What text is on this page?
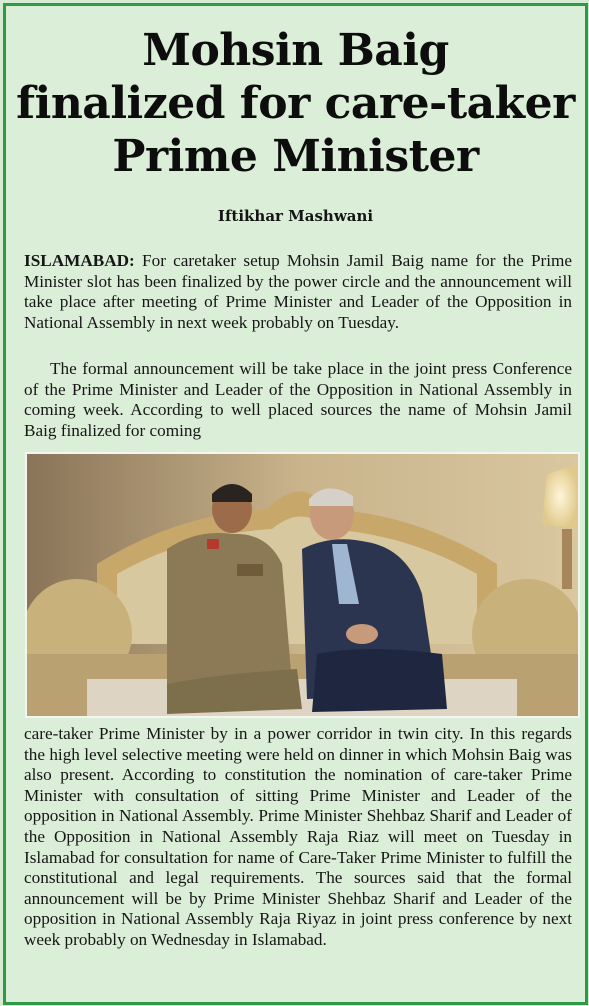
Mohsin Baig
finalized for care-taker
Prime Minister
Iftikhar Mashwani

ISLAMABAD: For caretaker setup Mohsin Jamil Baig name for the Prime Minister slot has been finalized by the power circle and the announcement will take place after meeting of Prime Minister and Leader of the Opposition in National Assembly in next week probably on Tuesday.

The formal announcement will be take place in the joint press Conference of the Prime Minister and Leader of the Opposition in National Assembly in coming week. According to well placed sources the name of Mohsin Jamil Baig finalized for coming

care-taker Prime Minister by in a power corridor in twin city. In this regards the high level selective meeting were held on dinner in which Mohsin Baig was also present. According to constitution the nomination of care-taker Prime Minister with consultation of sitting Prime Minister and Leader of the opposition in National Assembly. Prime Minister Shehbaz Sharif and Leader of the Opposition in National Assembly Raja Riaz will meet on Tuesday in Islamabad for consultation for name of Care-Taker Prime Minister to fulfill the constitutional and legal requirements. The sources said that the formal announcement will be by Prime Minister Shehbaz Sharif and Leader of the opposition in National Assembly Raja Riyaz in joint press conference by next week probably on Wednesday in Islamabad.
